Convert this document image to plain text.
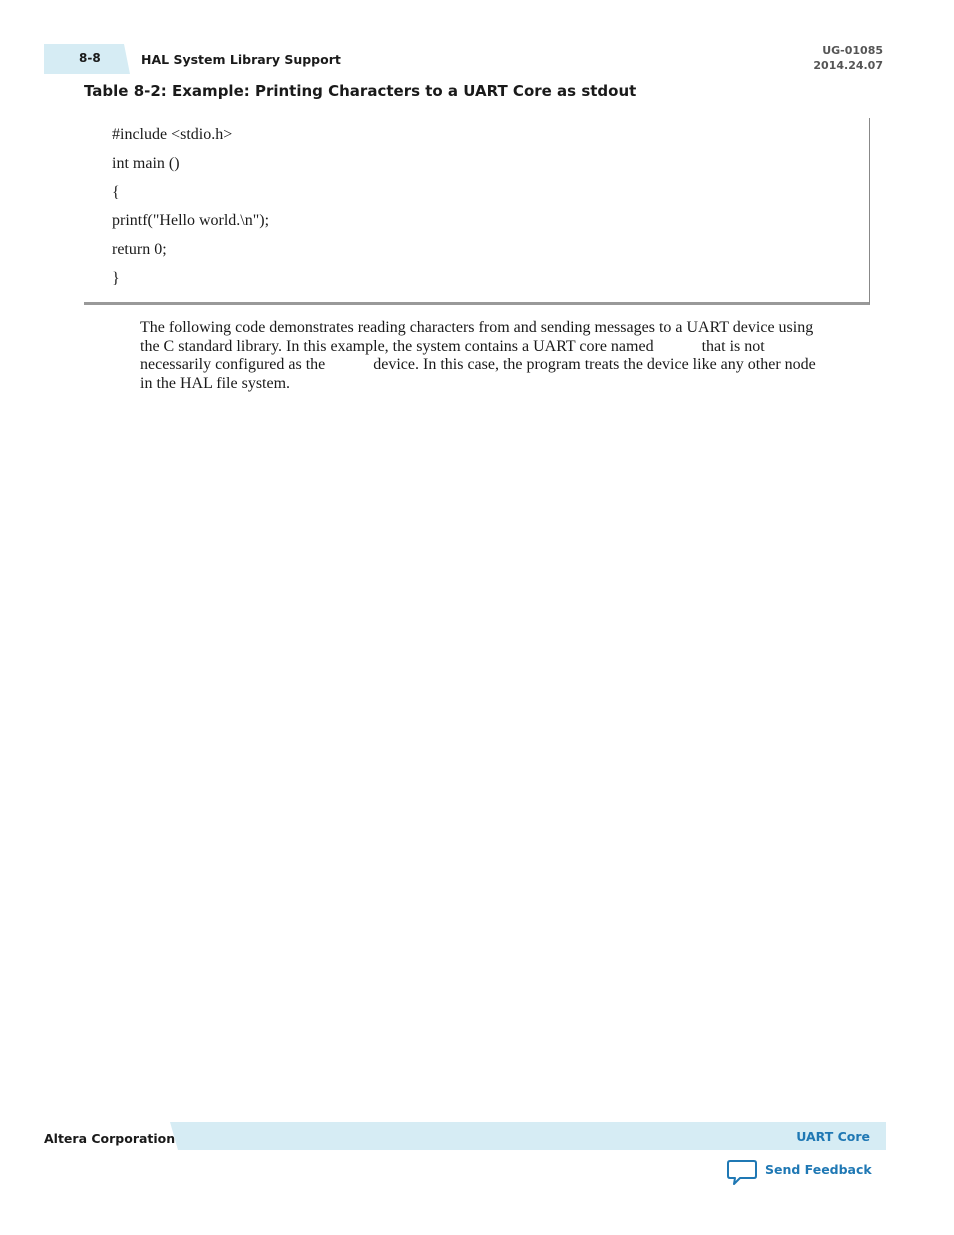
8-8	HAL System Library Support
UG-01085
2014.24.07
Table 8-2: Example: Printing Characters to a UART Core as stdout
#include <stdio.h>
int main ()
{
printf("Hello world.\n");
return 0;
}
The following code demonstrates reading characters from and sending messages to a UART device using
the C standard library. In this example, the system contains a UART core named            that is not
necessarily configured as the            device. In this case, the program treats the device like any other node
in the HAL file system.
Altera Corporation	UART Core
Send Feedback
